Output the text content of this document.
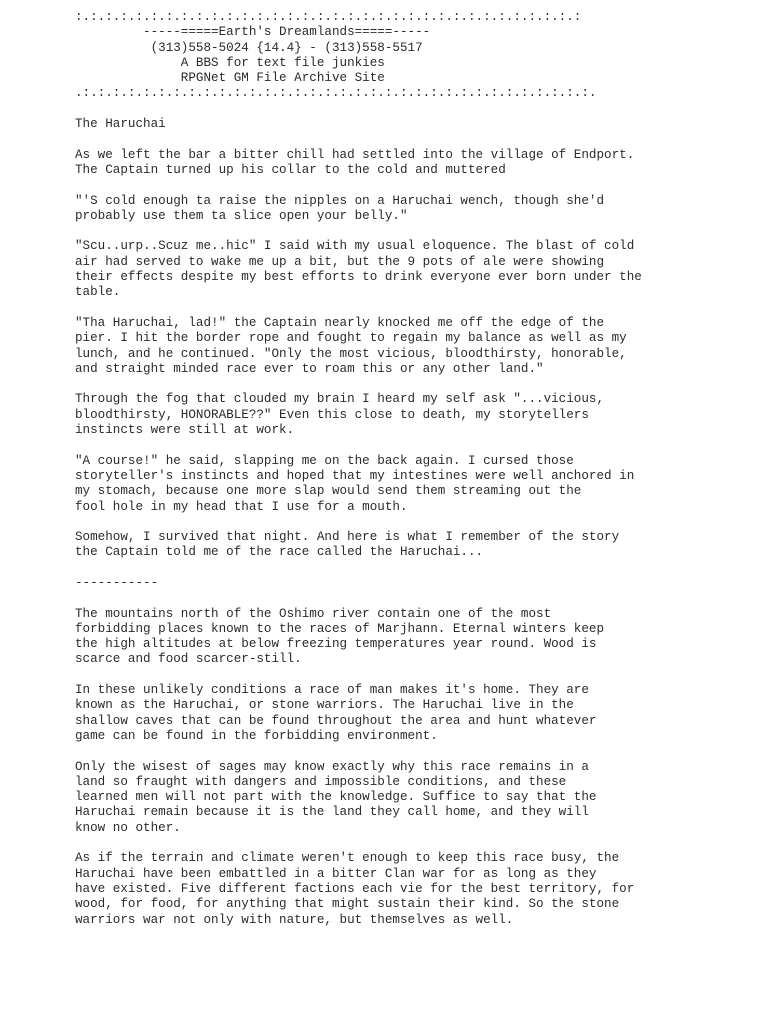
:.:.:.:.:.:.:.:.:.:.:.:.:.:.:.:.:.:.:.:.:.:.:.:.:.:.:.:.:.:.:.:.:.:
-----=====Earth's Dreamlands=====-----
(313)558-5024 {14.4} - (313)558-5517
A BBS for text file junkies
RPGNet GM File Archive Site
.:.:.:.:.:.:.:.:.:.:.:.:.:.:.:.:.:.:.:.:.:.:.:.:.:.:.:.:.:.:.:.:.:.:.
The Haruchai
As we left the bar a bitter chill had settled into the village of Endport.
The Captain turned up his collar to the cold and muttered
"'S cold enough ta raise the nipples on a Haruchai wench, though she'd
probably use them ta slice open your belly."
"Scu..urp..Scuz me..hic" I said with my usual eloquence. The blast of cold
air had served to wake me up a bit, but the 9 pots of ale were showing
their effects despite my best efforts to drink everyone ever born under the
table.
"Tha Haruchai, lad!" the Captain nearly knocked me off the edge of the
pier. I hit the border rope and fought to regain my balance as well as my
lunch, and he continued. "Only the most vicious, bloodthirsty, honorable,
and straight minded race ever to roam this or any other land."
Through the fog that clouded my brain I heard my self ask "...vicious,
bloodthirsty, HONORABLE??" Even this close to death, my storytellers
instincts were still at work.
"A course!" he said, slapping me on the back again. I cursed those
storyteller's instincts and hoped that my intestines were well anchored in
my stomach, because one more slap would send them streaming out the
fool hole in my head that I use for a mouth.
Somehow, I survived that night. And here is what I remember of the story
the Captain told me of the race called the Haruchai...
-----------
The mountains north of the Oshimo river contain one of the most
forbidding places known to the races of Marjhann. Eternal winters keep
the high altitudes at below freezing temperatures year round. Wood is
scarce and food scarcer-still.
In these unlikely conditions a race of man makes it's home. They are
known as the Haruchai, or stone warriors. The Haruchai live in the
shallow caves that can be found throughout the area and hunt whatever
game can be found in the forbidding environment.
Only the wisest of sages may know exactly why this race remains in a
land so fraught with dangers and impossible conditions, and these
learned men will not part with the knowledge. Suffice to say that the
Haruchai remain because it is the land they call home, and they will
know no other.
As if the terrain and climate weren't enough to keep this race busy, the
Haruchai have been embattled in a bitter Clan war for as long as they
have existed. Five different factions each vie for the best territory, for
wood, for food, for anything that might sustain their kind. So the stone
warriors war not only with nature, but themselves as well.
